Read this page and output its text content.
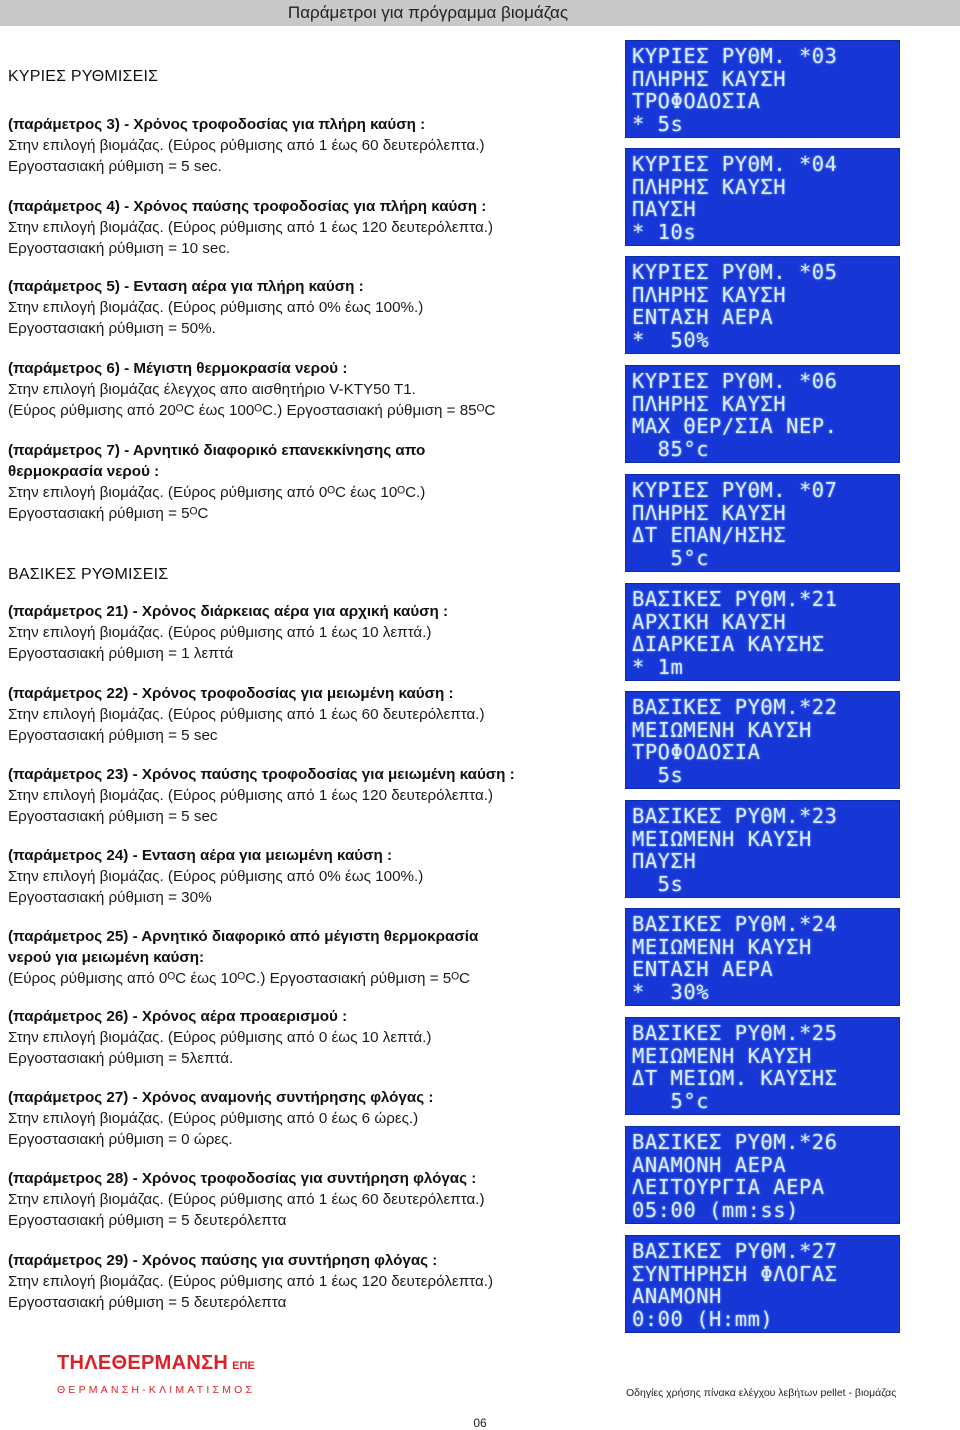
Παράμετροι για πρόγραμμα βιομάζας
ΚΥΡΙΕΣ ΡΥΘΜΙΣΕΙΣ
(παράμετρος 3) - Χρόνος τροφοδοσίας για πλήρη καύση :
Στην επιλογή βιομάζας. (Εύρος ρύθμισης από 1 έως 60 δευτερόλεπτα.)
Εργοστασιακή ρύθμιση = 5 sec.
(παράμετρος 4) - Χρόνος παύσης τροφοδοσίας για πλήρη καύση :
Στην επιλογή βιομάζας. (Εύρος ρύθμισης από 1 έως 120 δευτερόλεπτα.)
Εργοστασιακή ρύθμιση = 10 sec.
(παράμετρος 5) - Ενταση αέρα για πλήρη καύση :
Στην επιλογή βιομάζας. (Εύρος ρύθμισης από 0% έως 100%.)
Εργοστασιακή ρύθμιση = 50%.
(παράμετρος 6) - Μέγιστη θερμοκρασία νερού :
Στην επιλογή βιομάζας έλεγχος απο αισθητήριο V-KTY50 T1.
(Εύρος ρύθμισης από 20ᴼC έως 100ᴼC.) Εργοστασιακή ρύθμιση = 85ᴼC
(παράμετρος 7) - Αρνητικό διαφορικό επανεκκίνησης απο
θερμοκρασία νερού :
Στην επιλογή βιομάζας. (Εύρος ρύθμισης από 0ᴼC έως 10ᴼC.)
Εργοστασιακή ρύθμιση = 5ᴼC
ΒΑΣΙΚΕΣ ΡΥΘΜΙΣΕΙΣ
(παράμετρος 21) - Χρόνος διάρκειας αέρα για αρχική καύση :
Στην επιλογή βιομάζας. (Εύρος ρύθμισης από 1 έως 10 λεπτά.)
Εργοστασιακή ρύθμιση = 1 λεπτά
(παράμετρος 22) - Χρόνος τροφοδοσίας για μειωμένη καύση :
Στην επιλογή βιομάζας. (Εύρος ρύθμισης από 1 έως 60 δευτερόλεπτα.)
Εργοστασιακή ρύθμιση = 5 sec
(παράμετρος 23) - Χρόνος παύσης τροφοδοσίας για μειωμένη καύση :
Στην επιλογή βιομάζας. (Εύρος ρύθμισης από 1 έως 120 δευτερόλεπτα.)
Εργοστασιακή ρύθμιση = 5 sec
(παράμετρος 24) - Ενταση αέρα για μειωμένη καύση :
Στην επιλογή βιομάζας. (Εύρος ρύθμισης από 0% έως 100%.)
Εργοστασιακή ρύθμιση = 30%
(παράμετρος 25) - Αρνητικό διαφορικό από μέγιστη θερμοκρασία
νερού για μειωμένη καύση:
(Εύρος ρύθμισης από 0ᴼC έως 10ᴼC.) Εργοστασιακή ρύθμιση = 5ᴼC
(παράμετρος 26) - Χρόνος αέρα προαερισμού :
Στην επιλογή βιομάζας. (Εύρος ρύθμισης από 0 έως 10 λεπτά.)
Εργοστασιακή ρύθμιση = 5λεπτά.
(παράμετρος 27) - Χρόνος αναμονής συντήρησης φλόγας :
Στην επιλογή βιομάζας. (Εύρος ρύθμισης από 0 έως 6 ώρες.)
Εργοστασιακή ρύθμιση = 0 ώρες.
(παράμετρος 28) - Χρόνος τροφοδοσίας για συντήρηση φλόγας :
Στην επιλογή βιομάζας. (Εύρος ρύθμισης από 1 έως 60 δευτερόλεπτα.)
Εργοστασιακή ρύθμιση = 5 δευτερόλεπτα
(παράμετρος 29) - Χρόνος παύσης για συντήρηση φλόγας :
Στην επιλογή βιομάζας. (Εύρος ρύθμισης από 1 έως 120 δευτερόλεπτα.)
Εργοστασιακή ρύθμιση = 5 δευτερόλεπτα
ΚΥΡΙΕΣ ΡΥΘΜ. *03
ΠΛΗΡΗΣ ΚΑΥΣΗ
ΤΡΟΦΟΔΟΣΙΑ
* 5s
ΚΥΡΙΕΣ ΡΥΘΜ. *04
ΠΛΗΡΗΣ ΚΑΥΣΗ
ΠΑΥΣΗ
* 10s
ΚΥΡΙΕΣ ΡΥΘΜ. *05
ΠΛΗΡΗΣ ΚΑΥΣΗ
ΕΝΤΑΣΗ ΑΕΡΑ
*  50%
ΚΥΡΙΕΣ ΡΥΘΜ. *06
ΠΛΗΡΗΣ ΚΑΥΣΗ
MAX ΘΕΡ/ΣΙΑ ΝΕΡ.
85°c
ΚΥΡΙΕΣ ΡΥΘΜ. *07
ΠΛΗΡΗΣ ΚΑΥΣΗ
ΔΤ ΕΠΑΝ/ΗΣΗΣ
5°c
ΒΑΣΙΚΕΣ ΡΥΘΜ.*21
ΑΡΧΙΚΗ ΚΑΥΣΗ
ΔΙΑΡΚΕΙΑ ΚΑΥΣΗΣ
* 1m
ΒΑΣΙΚΕΣ ΡΥΘΜ.*22
ΜΕΙΩΜΕΝΗ ΚΑΥΣΗ
ΤΡΟΦΟΔΟΣΙΑ
5s
ΒΑΣΙΚΕΣ ΡΥΘΜ.*23
ΜΕΙΩΜΕΝΗ ΚΑΥΣΗ
ΠΑΥΣΗ
5s
ΒΑΣΙΚΕΣ ΡΥΘΜ.*24
ΜΕΙΩΜΕΝΗ ΚΑΥΣΗ
ΕΝΤΑΣΗ ΑΕΡΑ
*  30%
ΒΑΣΙΚΕΣ ΡΥΘΜ.*25
ΜΕΙΩΜΕΝΗ ΚΑΥΣΗ
ΔΤ ΜΕΙΩΜ. ΚΑΥΣΗΣ
5°c
ΒΑΣΙΚΕΣ ΡΥΘΜ.*26
ΑΝΑΜΟΝΗ ΑΕΡΑ
ΛΕΙΤΟΥΡΓΙΑ ΑΕΡΑ
05:00 (mm:ss)
ΒΑΣΙΚΕΣ ΡΥΘΜ.*27
ΣΥΝΤΗΡΗΣΗ ΦΛΟΓΑΣ
ΑΝΑΜΟΝΗ
0:00 (H:mm)
ΤΗΛΕΘΕΡΜΑΝΣΗ ΕΠΕ
ΘΕΡΜΑΝΣΗ-ΚΛΙΜΑΤΙΣΜΟΣ	Οδηγίες χρήσης πίνακα ελέγχου λεβήτων pellet - βιομάζας
06
